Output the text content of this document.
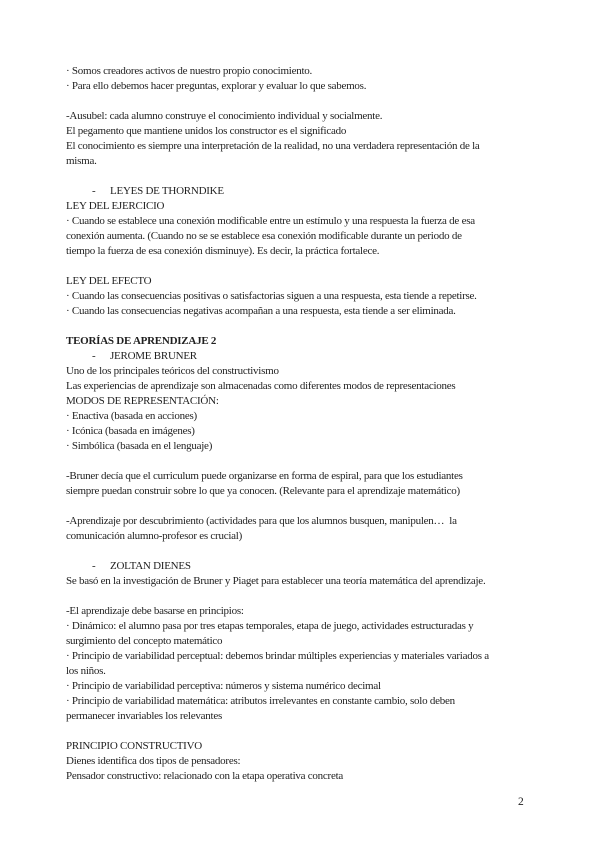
· Somos creadores activos de nuestro propio conocimiento.
· Para ello debemos hacer preguntas, explorar y evaluar lo que sabemos.
-Ausubel: cada alumno construye el conocimiento individual y socialmente.
El pegamento que mantiene unidos los constructor es el significado
El conocimiento es siempre una interpretación de la realidad, no una verdadera representación de la
misma.
- LEYES DE THORNDIKE
LEY DEL EJERCICIO
· Cuando se establece una conexión modificable entre un estímulo y una respuesta la fuerza de esa
conexión aumenta. (Cuando no se se establece esa conexión modificable durante un periodo de
tiempo la fuerza de esa conexión disminuye). Es decir, la práctica fortalece.
LEY DEL EFECTO
· Cuando las consecuencias positivas o satisfactorias siguen a una respuesta, esta tiende a repetirse.
· Cuando las consecuencias negativas acompañan a una respuesta, esta tiende a ser eliminada.
TEORÍAS DE APRENDIZAJE 2
- JEROME BRUNER
Uno de los principales teóricos del constructivismo
Las experiencias de aprendizaje son almacenadas como diferentes modos de representaciones
MODOS DE REPRESENTACIÓN:
· Enactiva (basada en acciones)
· Icónica (basada en imágenes)
· Simbólica (basada en el lenguaje)
-Bruner decía que el curriculum puede organizarse en forma de espiral, para que los estudiantes
siempre puedan construir sobre lo que ya conocen. (Relevante para el aprendizaje matemático)
-Aprendizaje por descubrimiento (actividades para que los alumnos busquen, manipulen…  la
comunicación alumno-profesor es crucial)
- ZOLTAN DIENES
Se basó en la investigación de Bruner y Piaget para establecer una teoría matemática del aprendizaje.
-El aprendizaje debe basarse en principios:
· Dinámico: el alumno pasa por tres etapas temporales, etapa de juego, actividades estructuradas y
surgimiento del concepto matemático
· Principio de variabilidad perceptual: debemos brindar múltiples experiencias y materiales variados a
los niños.
· Principio de variabilidad perceptiva: números y sistema numérico decimal
· Principio de variabilidad matemática: atributos irrelevantes en constante cambio, solo deben
permanecer invariables los relevantes
PRINCIPIO CONSTRUCTIVO
Dienes identifica dos tipos de pensadores:
Pensador constructivo: relacionado con la etapa operativa concreta
2
